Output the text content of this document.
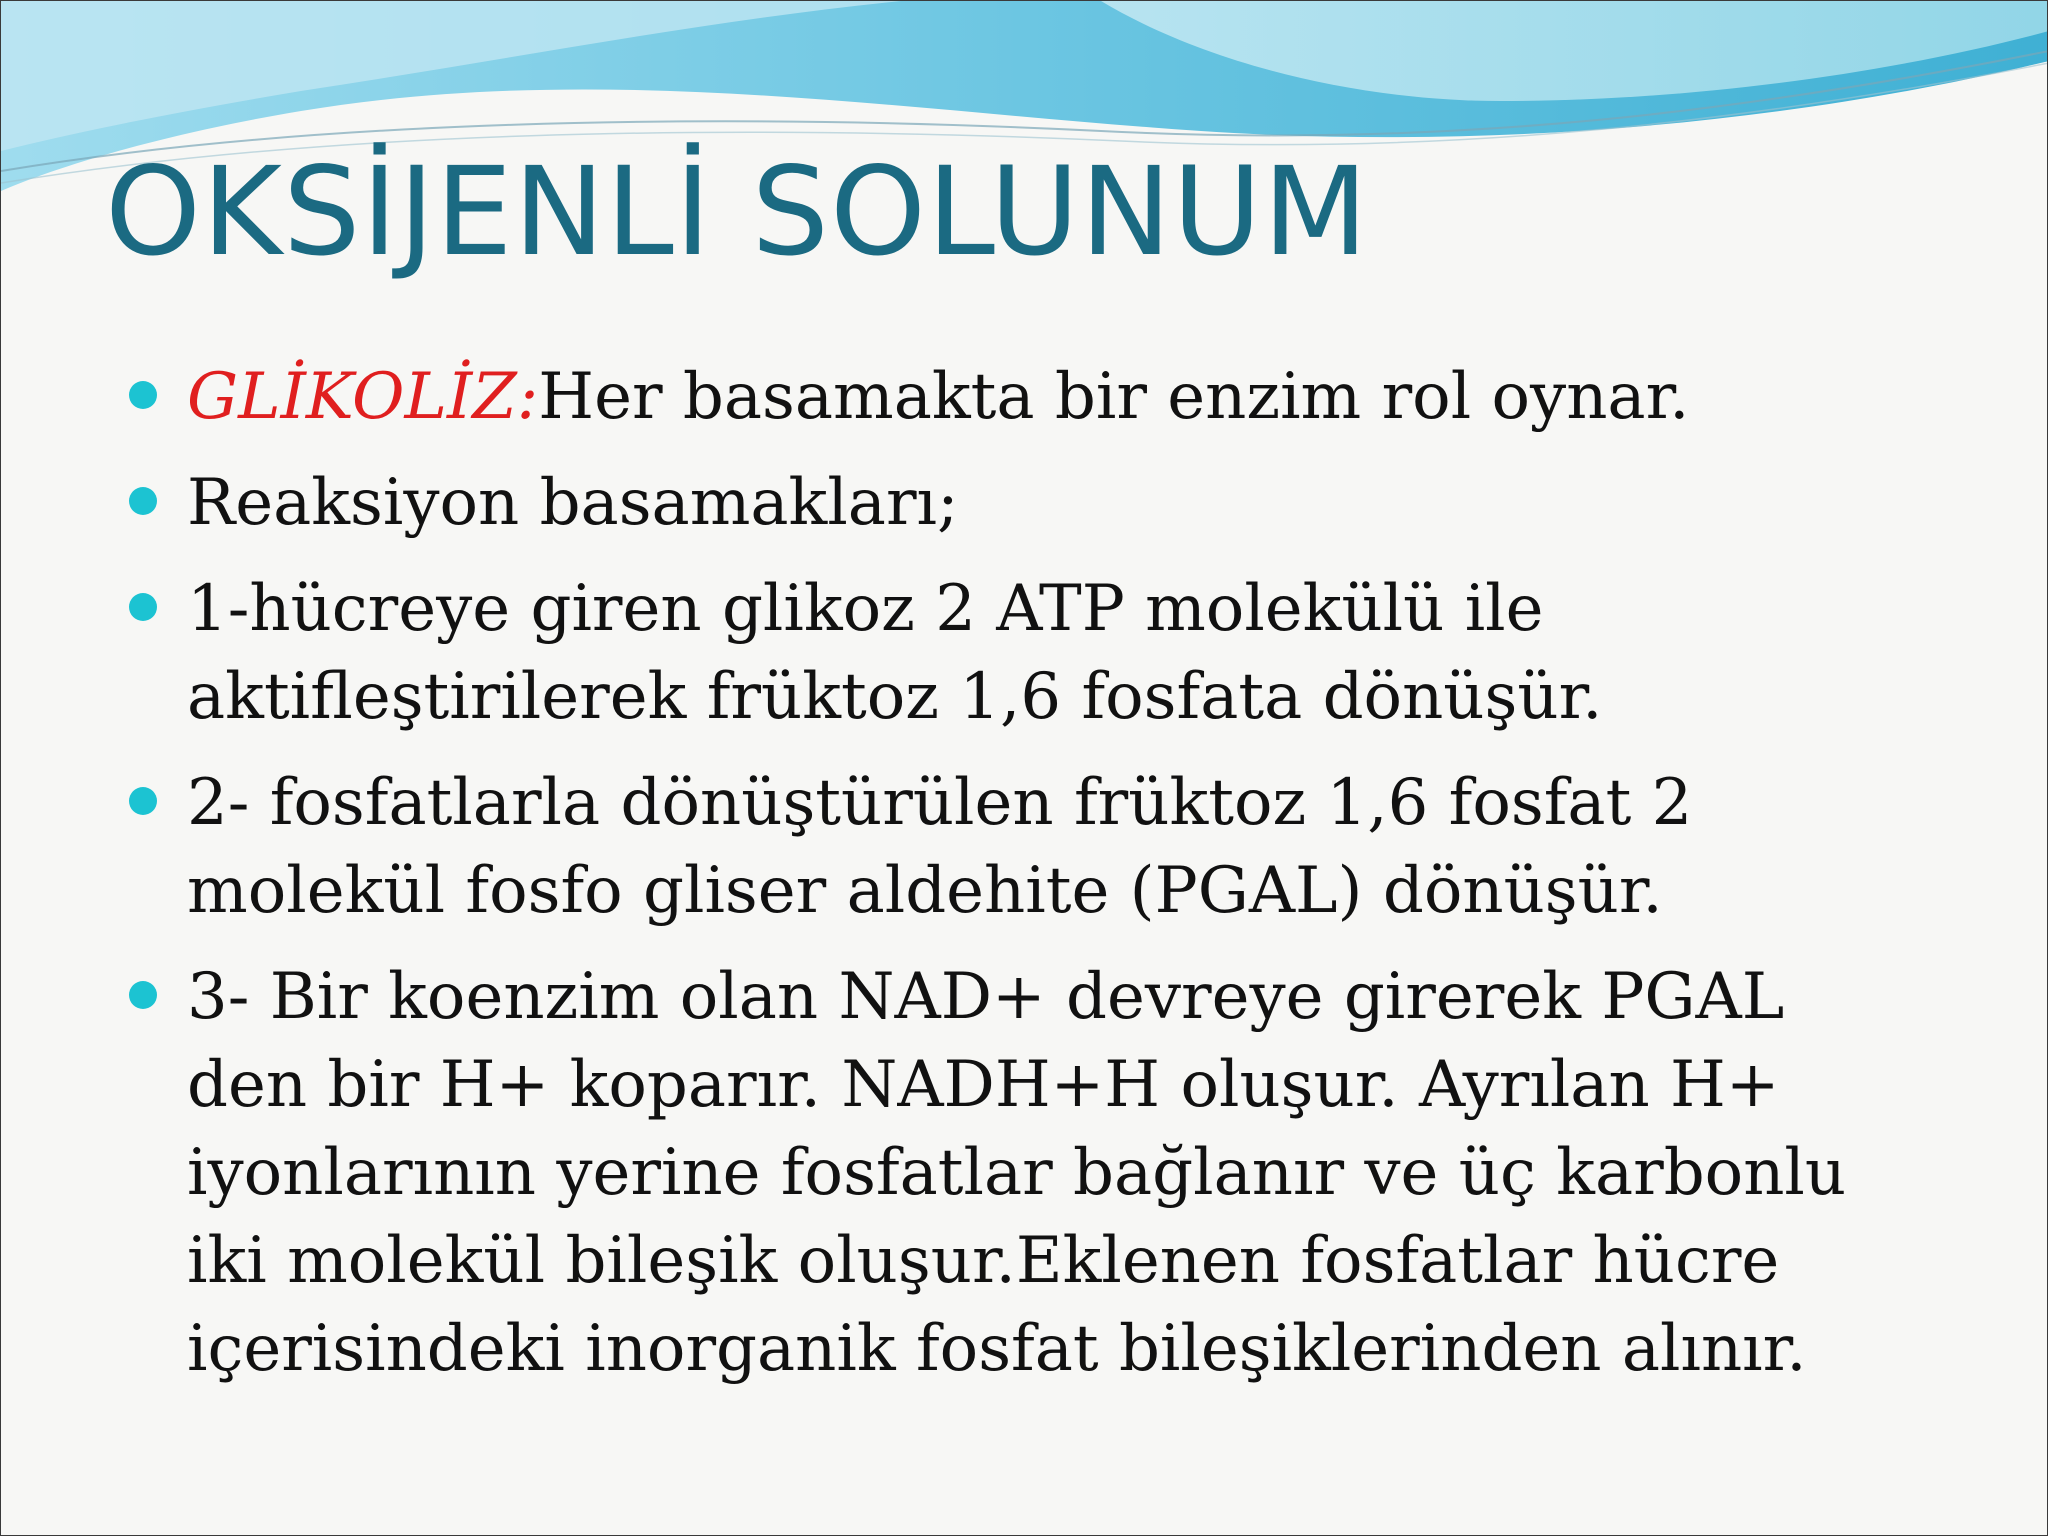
OKSİJENLİ SOLUNUM
GLİKOLİZ:Her basamakta bir enzim rol oynar.
Reaksiyon basamakları;
1-hücreye giren glikoz 2 ATP molekülü ile
aktifleştirilerek früktoz 1,6 fosfata dönüşür.
2- fosfatlarla dönüştürülen früktoz 1,6 fosfat 2
molekül fosfo gliser aldehite (PGAL) dönüşür.
3- Bir koenzim olan NAD+ devreye girerek PGAL
den bir H+ koparır. NADH+H oluşur. Ayrılan H+
iyonlarının yerine fosfatlar bağlanır ve üç karbonlu
iki molekül bileşik oluşur.Eklenen fosfatlar hücre
içerisindeki inorganik fosfat bileşiklerinden alınır.
